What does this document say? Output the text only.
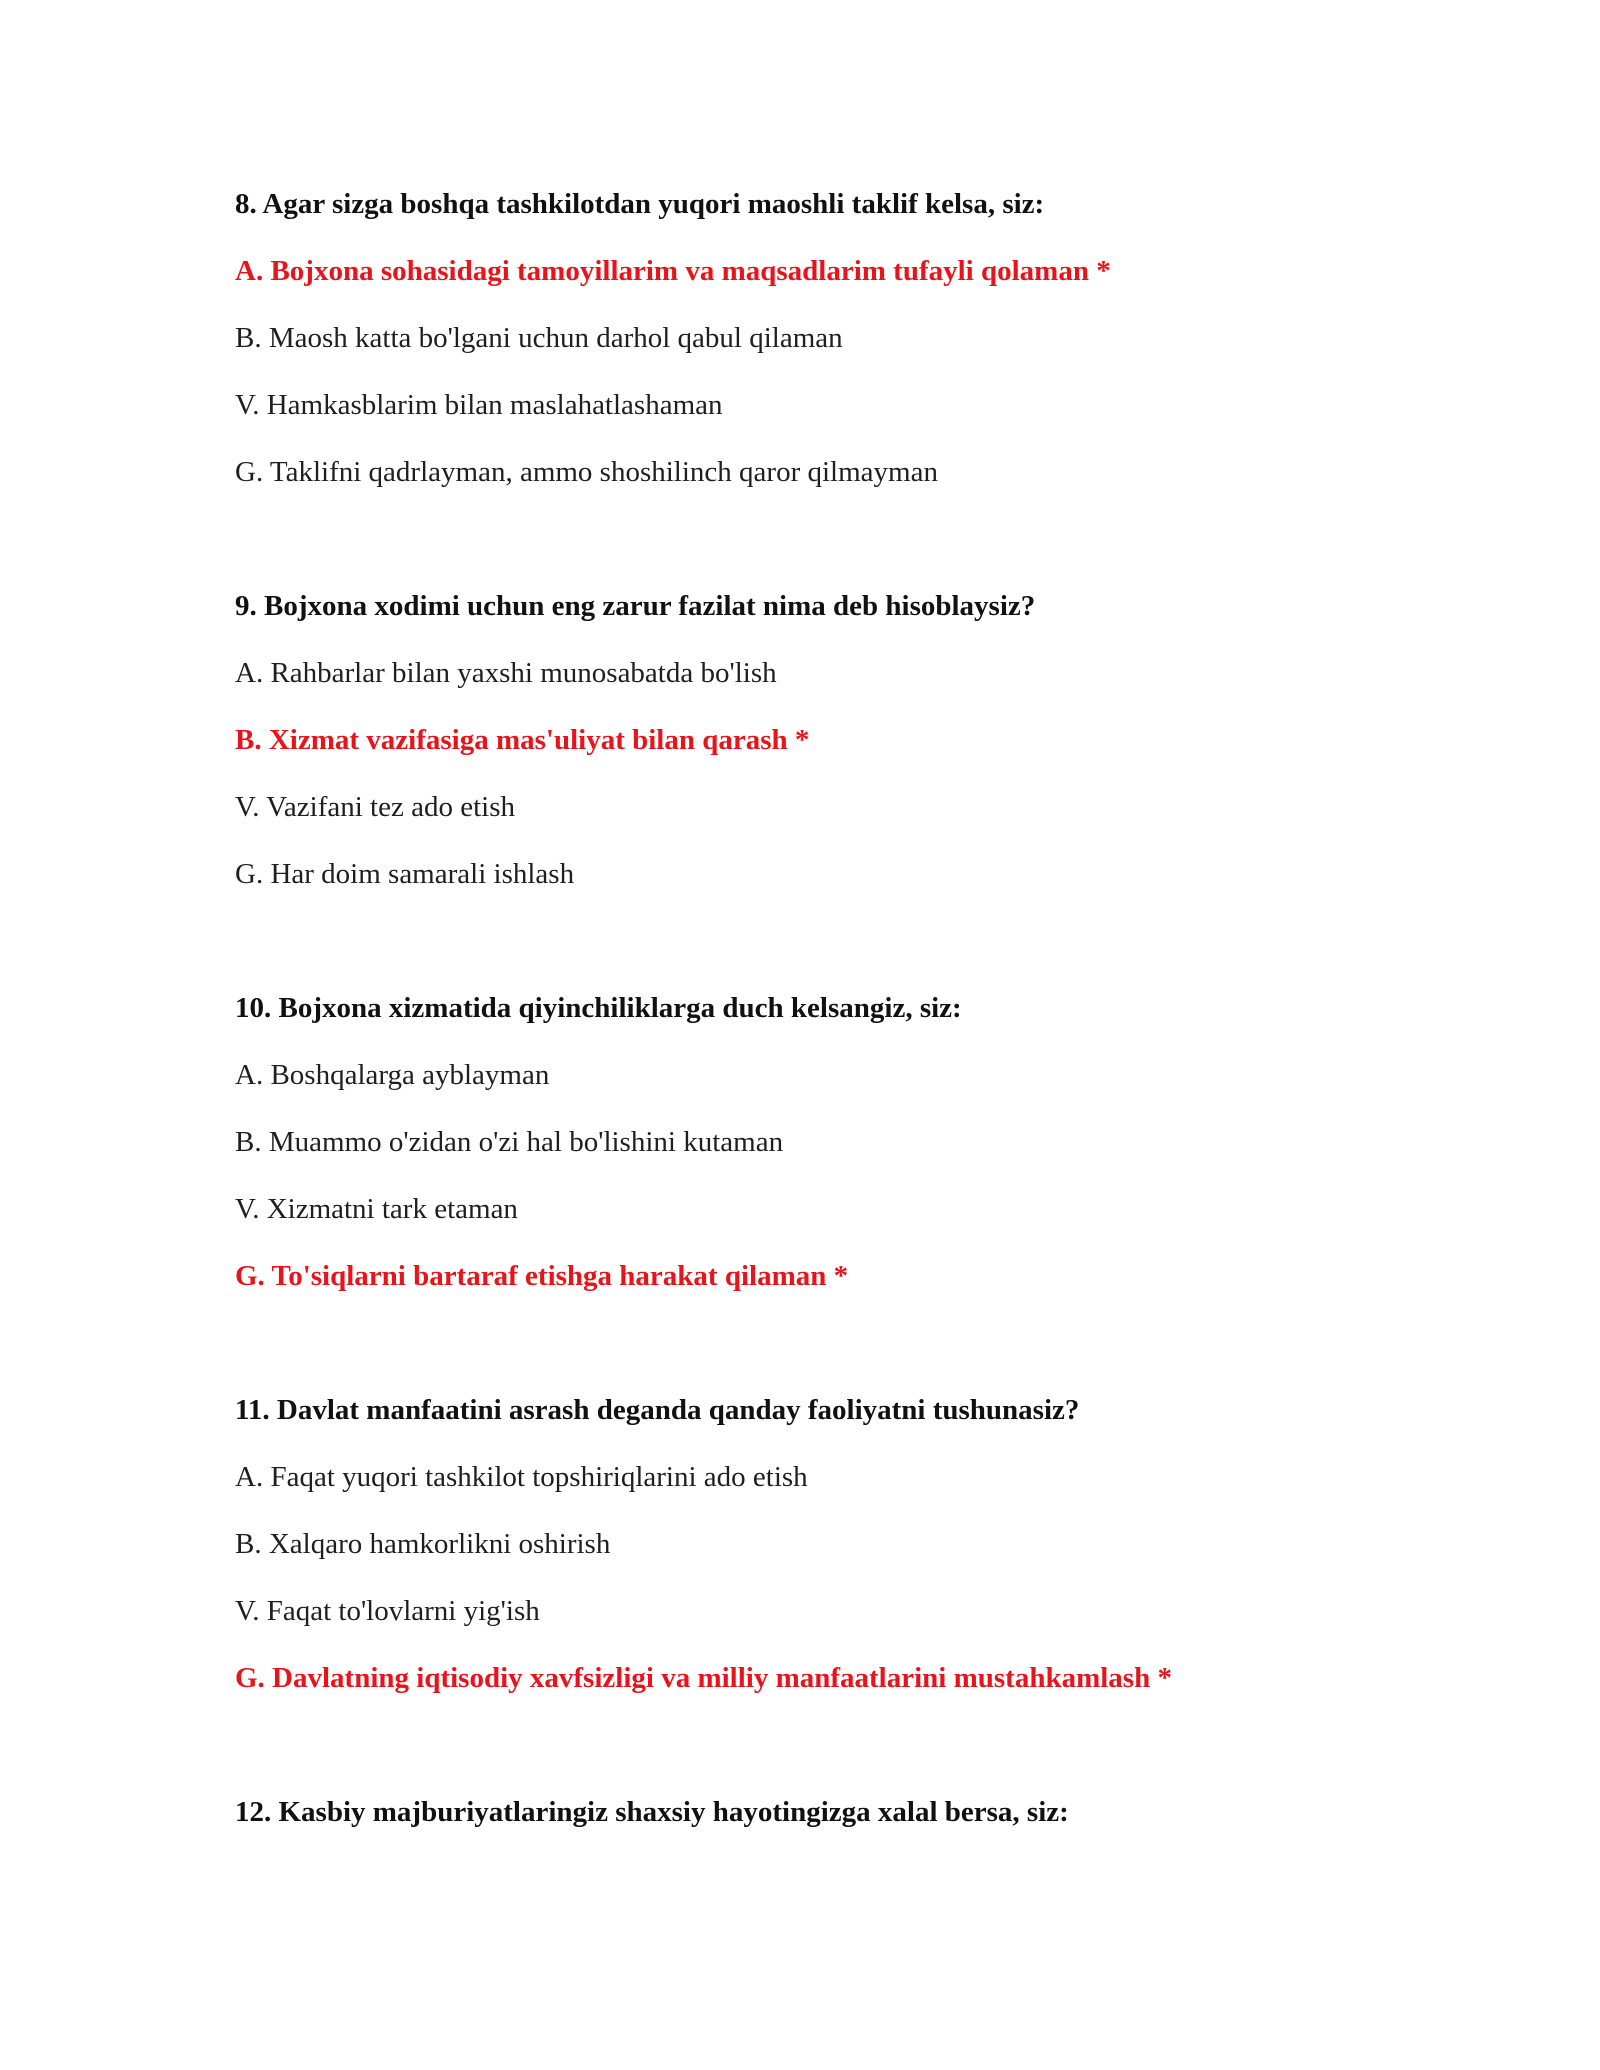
8. Agar sizga boshqa tashkilotdan yuqori maoshli taklif kelsa, siz:
A. Bojxona sohasidagi tamoyillarim va maqsadlarim tufayli qolaman *
B. Maosh katta bo'lgani uchun darhol qabul qilaman
V. Hamkasblarim bilan maslahatlashaman
G. Taklifni qadrlayman, ammo shoshilinch qaror qilmayman
9. Bojxona xodimi uchun eng zarur fazilat nima deb hisoblaysiz?
A. Rahbarlar bilan yaxshi munosabatda bo'lish
B. Xizmat vazifasiga mas'uliyat bilan qarash *
V. Vazifani tez ado etish
G. Har doim samarali ishlash
10. Bojxona xizmatida qiyinchiliklarga duch kelsangiz, siz:
A. Boshqalarga ayblayman
B. Muammo o'zidan o'zi hal bo'lishini kutaman
V. Xizmatni tark etaman
G. To'siqlarni bartaraf etishga harakat qilaman *
11. Davlat manfaatini asrash deganda qanday faoliyatni tushunasiz?
A. Faqat yuqori tashkilot topshiriqlarini ado etish
B. Xalqaro hamkorlikni oshirish
V. Faqat to'lovlarni yig'ish
G. Davlatning iqtisodiy xavfsizligi va milliy manfaatlarini mustahkamlash *
12. Kasbiy majburiyatlaringiz shaxsiy hayotingizga xalal bersa, siz:
